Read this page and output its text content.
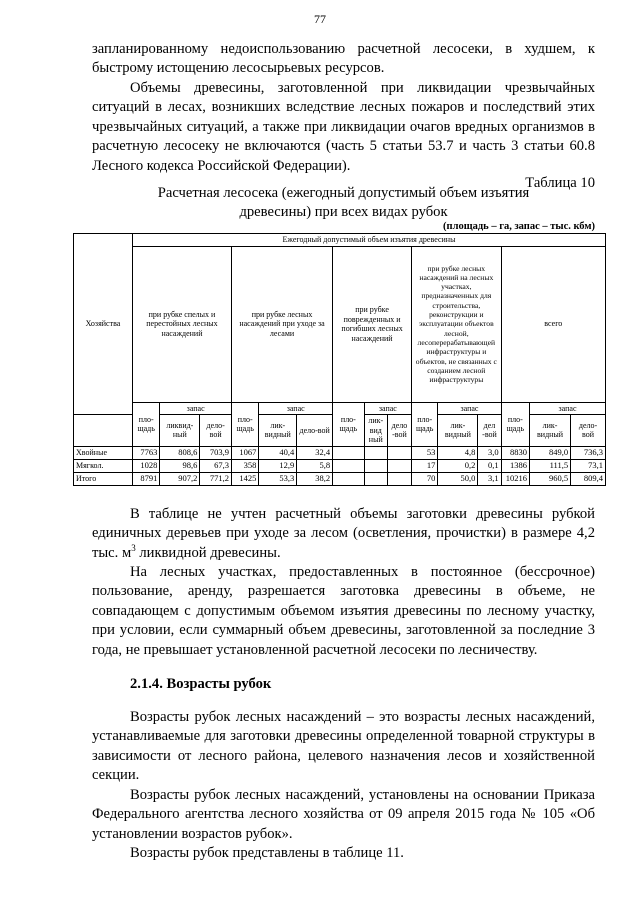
77

запланированному недоиспользованию расчетной лесосеки, в худшем, к быстрому истощению лесосырьевых ресурсов.

Объемы древесины, заготовленной при ликвидации чрезвычайных ситуаций в лесах, возникших вследствие лесных пожаров и последствий этих чрезвычайных ситуаций, а также при ликвидации очагов вредных организмов в расчетную лесосеку не включаются (часть 5 статьи 53.7 и часть 3 статьи 60.8 Лесного кодекса Российской Федерации).

Таблица 10
Расчетная лесосека (ежегодный допустимый объем изъятия древесины) при всех видах рубок
(площадь – га, запас – тыс. кбм)
Хозяйства	Ежегодный допустимый объем изъятия древесины														
	при рубке спелых и перестойных лесных насаждений			при рубке лесных насаждений при уходе за лесами			при рубке поврежденных и погибших лесных насаждений			при рубке лесных насаждений на лесных участках, предназначенных для строительства, реконструкции и эксплуатации объектов лесной, лесоперерабатывающей инфраструктуры и объектов, не связанных с созданием лесной инфраструктуры			всего		
	пло-щадь	запас		пло-щадь	запас		пло-щадь	запас		пло-щадь	запас		пло-щадь	запас	
		ликвид-ный	дело-вой		лик-видный	дело-вой		лик-вид ный	дело -вой		лик-видный	дел -вой		лик-видный	дело-вой
Хвойные	7763	808,6	703,9	1067	40,4	32,4				53	4,8	3,0	8830	849,0	736,3
Мягкол.	1028	98,6	67,3	358	12,9	5,8				17	0,2	0,1	1386	111,5	73,1
Итого	8791	907,2	771,2	1425	53,3	38,2				70	50,0	3,1	10216	960,5	809,4

В таблице не учтен расчетный объемы заготовки древесины рубкой единичных деревьев при уходе за лесом (осветления, прочистки) в размере 4,2 тыс. $м^3$ ликвидной древесины.

На лесных участках, предоставленных в постоянное (бессрочное) пользование, аренду, разрешается заготовка древесины в объеме, не совпадающем с допустимым объемом изъятия древесины по лесному участку, при условии, если суммарный объем древесины, заготовленной за последние 3 года, не превышает установленной расчетной лесосеки по лесничеству.

2.1.4. Возрасты рубок

Возрасты рубок лесных насаждений – это возрасты лесных насаждений, устанавливаемые для заготовки древесины определенной товарной структуры в зависимости от лесного района, целевого назначения лесов и хозяйственной секции.

Возрасты рубок лесных насаждений, установлены на основании Приказа Федерального агентства лесного хозяйства от 09 апреля 2015 года № 105 «Об установлении возрастов рубок».

Возрасты рубок представлены в таблице 11.
